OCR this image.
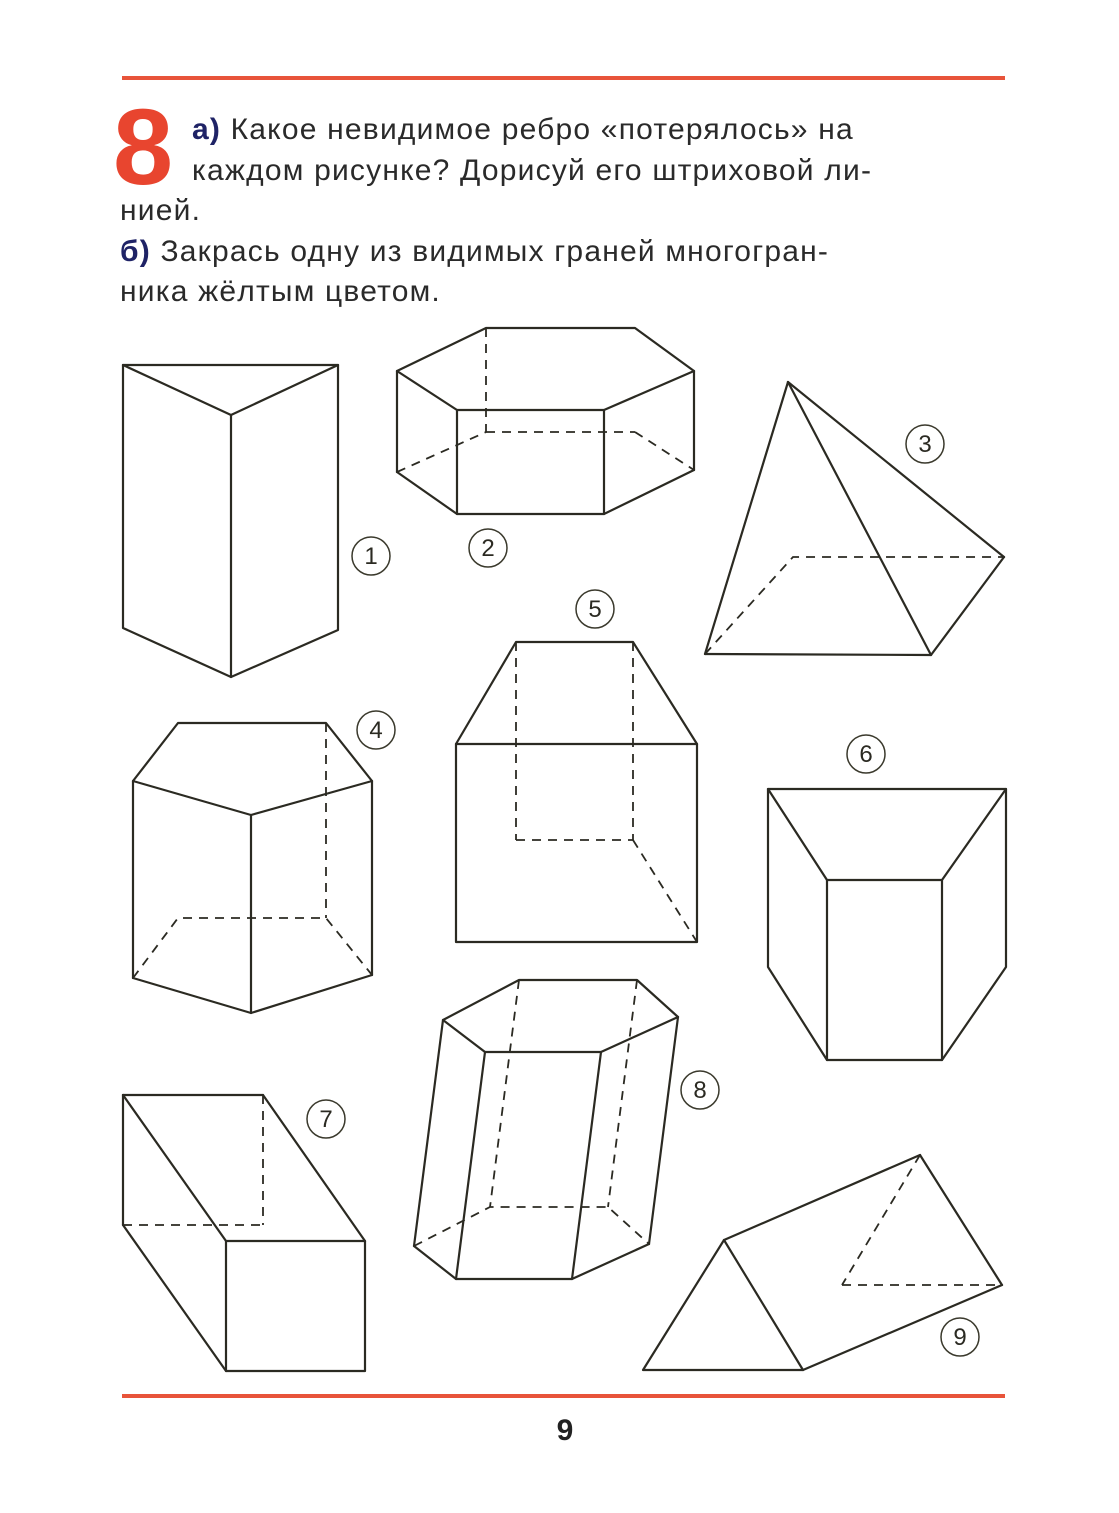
8 а) Какое невидимое ребро «потерялось» на

каждом рисунке? Дорисуй его штриховой ли-

нией.

б) Закрась одну из видимых граней многогран-

ника жёлтым цветом.

1	2
3
4
5
6
7
8
9
9
